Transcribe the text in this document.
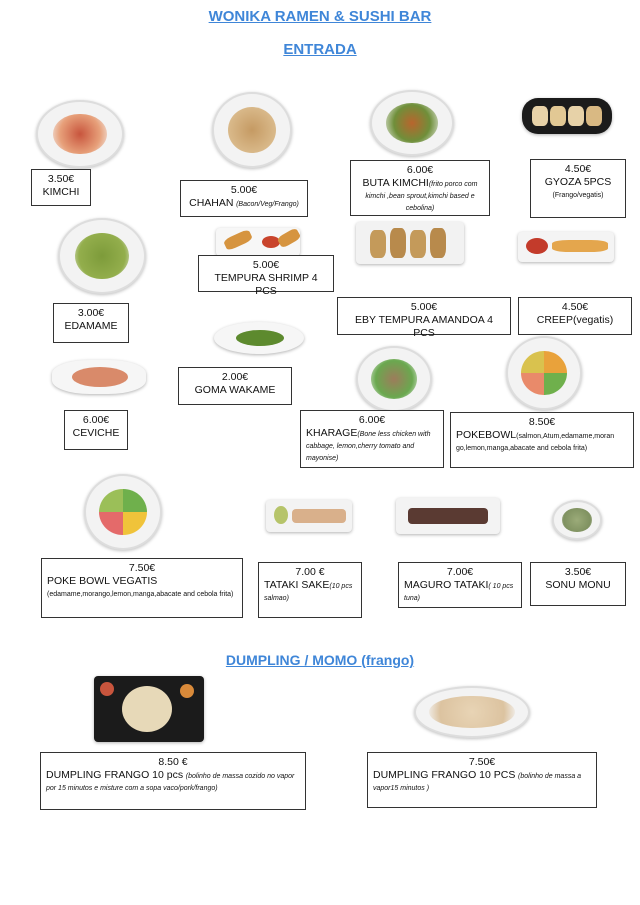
WONIKA RAMEN & SUSHI BAR
ENTRADA
DUMPLING / MOMO (frango)
3.50€
KIMCHI	5.00€
CHAHAN (Bacon/Veg/Frango)
6.00€
BUTA KIMCHI(frito porco com kimchi ,bean sprout,kimchi based e cebolina)
4.50€
GYOZA 5PCS
(Frango/vegatis)
5.00€
TEMPURA SHRIMP 4 PCS
3.00€
EDAMAME
5.00€
EBY TEMPURA AMANDOA 4 PCS
4.50€
CREEP(vegatis)
2.00€
GOMA WAKAME
6.00€
CEVICHE
6.00€
KHARAGE(Bone less chicken with cabbage, lemon,cherry tomato and mayonise)
8.50€
POKEBOWL(salmon,Atum,edamame,moran go,lemon,manga,abacate and cebola frita)
7.50€
POKE BOWL VEGATIS
(edamame,morango,lemon,manga,abacate and cebola frita)
7.00 €
TATAKI SAKE(10 pcs salmao)
7.00€
MAGURO TATAKI( 10 pcs tuna)
3.50€
SONU MONU
8.50 €
DUMPLING FRANGO 10 pcs (bolinho de massa cozido no vapor por 15 minutos e misture com a sopa vaco/pork/frango)
7.50€
DUMPLING FRANGO 10 PCS (bolinho de massa a vapor15 minutos )
